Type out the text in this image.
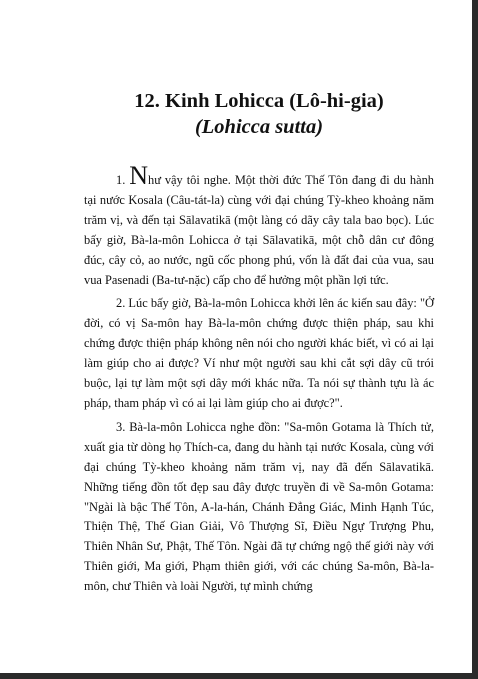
12. Kinh Lohicca (Lô-hi-gia)
(Lohicca sutta)

1. Như vậy tôi nghe. Một thời đức Thế Tôn đang đi du hành tại nước Kosala (Câu-tát-la) cùng với đại chúng Tỳ-kheo khoảng năm trăm vị, và đến tại Sālavatikā (một làng có dãy cây tala bao bọc). Lúc bấy giờ, Bà-la-môn Lohicca ở tại Sālavatikā, một chỗ dân cư đông đúc, cây cỏ, ao nước, ngũ cốc phong phú, vốn là đất đai của vua, sau vua Pasenadi (Ba-tư-nặc) cấp cho để hưởng một phần lợi tức.

2. Lúc bấy giờ, Bà-la-môn Lohicca khởi lên ác kiến sau đây: "Ở đời, có vị Sa-môn hay Bà-la-môn chứng được thiện pháp, sau khi chứng được thiện pháp không nên nói cho người khác biết, vì có ai lại làm giúp cho ai được? Ví như một người sau khi cắt sợi dây cũ trói buộc, lại tự làm một sợi dây mới khác nữa. Ta nói sự thành tựu là ác pháp, tham pháp vì có ai lại làm giúp cho ai được?".

3. Bà-la-môn Lohicca nghe đồn: "Sa-môn Gotama là Thích tử, xuất gia từ dòng họ Thích-ca, đang du hành tại nước Kosala, cùng với đại chúng Tỳ-kheo khoảng năm trăm vị, nay đã đến Sālavatikā. Những tiếng đồn tốt đẹp sau đây được truyền đi về Sa-môn Gotama: "Ngài là bậc Thế Tôn, A-la-hán, Chánh Đẳng Giác, Minh Hạnh Túc, Thiện Thệ, Thế Gian Giải, Vô Thượng Sĩ, Điều Ngự Trượng Phu, Thiên Nhân Sư, Phật, Thế Tôn. Ngài đã tự chứng ngộ thế giới này với Thiên giới, Ma giới, Phạm thiên giới, với các chúng Sa-môn, Bà-la-môn, chư Thiên và loài Người, tự mình chứng
